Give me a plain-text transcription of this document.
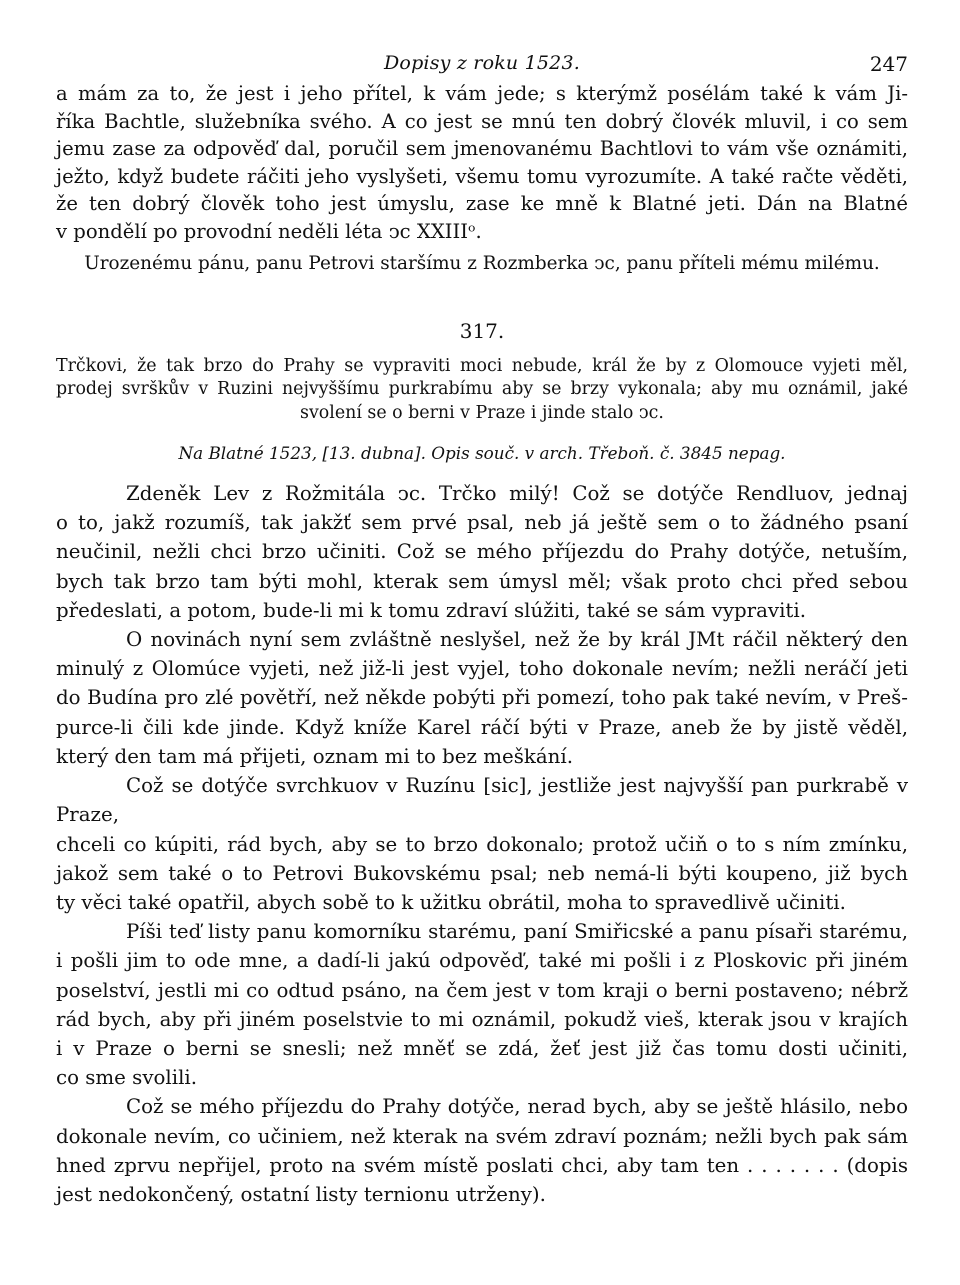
Dopisy z roku 1523.	247

a mám za to, že jest i jeho přítel, k vám jede; s kterýmž posélám také k vám Ji-

říka Bachtle, služebníka svého. A co jest se mnú ten dobrý človék mluvil, i co sem

jemu zase za odpověď dal, poručil sem jmenovanému Bachtlovi to vám vše oznámiti,

ježto, když budete ráčiti jeho vyslyšeti, všemu tomu vyrozumíte. A také račte věděti,

že ten dobrý člověk toho jest úmyslu, zase ke mně k Blatné jeti. Dán na Blatné

v pondělí po provodní neděli léta ↄc XXIIIᵒ.

Urozenému pánu, panu Petrovi staršímu z Rozmberka ↄc, panu příteli mému milému.
317.

Trčkovi, že tak brzo do Prahy se vypraviti moci nebude, král že by z Olomouce vyjeti měl,

prodej svrškův v Ruzini nejvyššímu purkrabímu aby se brzy vykonala; aby mu oznámil, jaké

svolení se o berni v Praze i jinde stalo ↄc.

Na Blatné 1523, [13. dubna]. Opis souč. v arch. Třeboň. č. 3845 nepag.

Zdeněk Lev z Rožmitála ↄc. Trčko milý! Což se dotýče Rendluov, jednaj

o to, jakž rozumíš, tak jakžť sem prvé psal, neb já ještě sem o to žádného psaní

neučinil, nežli chci brzo učiniti. Což se mého příjezdu do Prahy dotýče, netuším,

bych tak brzo tam býti mohl, kterak sem úmysl měl; však proto chci před sebou

předeslati, a potom, bude-li mi k tomu zdraví slúžiti, také se sám vypraviti.

O novinách nyní sem zvláštně neslyšel, než že by král JMt ráčil některý den

minulý z Olomúce vyjeti, než již-li jest vyjel, toho dokonale nevím; nežli neráčí jeti

do Budína pro zlé povětří, než někde pobýti při pomezí, toho pak také nevím, v Preš-

purce-li čili kde jinde. Když kníže Karel ráčí býti v Praze, aneb že by jistě věděl,

který den tam má přijeti, oznam mi to bez meškání.

Což se dotýče svrchkuov v Ruzínu [sic], jestliže jest najvyšší pan purkrabě v Praze,

chceli co kúpiti, rád bych, aby se to brzo dokonalo; protož učiň o to s ním zmínku,

jakož sem také o to Petrovi Bukovskému psal; neb nemá-li býti koupeno, již bych

ty věci také opatřil, abych sobě to k užitku obrátil, moha to spravedlivě učiniti.

Píši teď listy panu komorníku starému, paní Smiřicské a panu písaři starému,

i pošli jim to ode mne, a dadí-li jakú odpověď, také mi pošli i z Ploskovic při jiném

poselství, jestli mi co odtud psáno, na čem jest v tom kraji o berni postaveno; nébrž

rád bych, aby při jiném poselstvie to mi oznámil, pokudž vieš, kterak jsou v krajích

i v Praze o berni se snesli; než mněť se zdá, žeť jest již čas tomu dosti učiniti,

co sme svolili.

Což se mého příjezdu do Prahy dotýče, nerad bych, aby se ještě hlásilo, nebo

dokonale nevím, co učiniem, než kterak na svém zdraví poznám; nežli bych pak sám

hned zprvu nepřijel, proto na svém místě poslati chci, aby tam ten . . . . . . . (dopis

jest nedokončený, ostatní listy ternionu utrženy).
